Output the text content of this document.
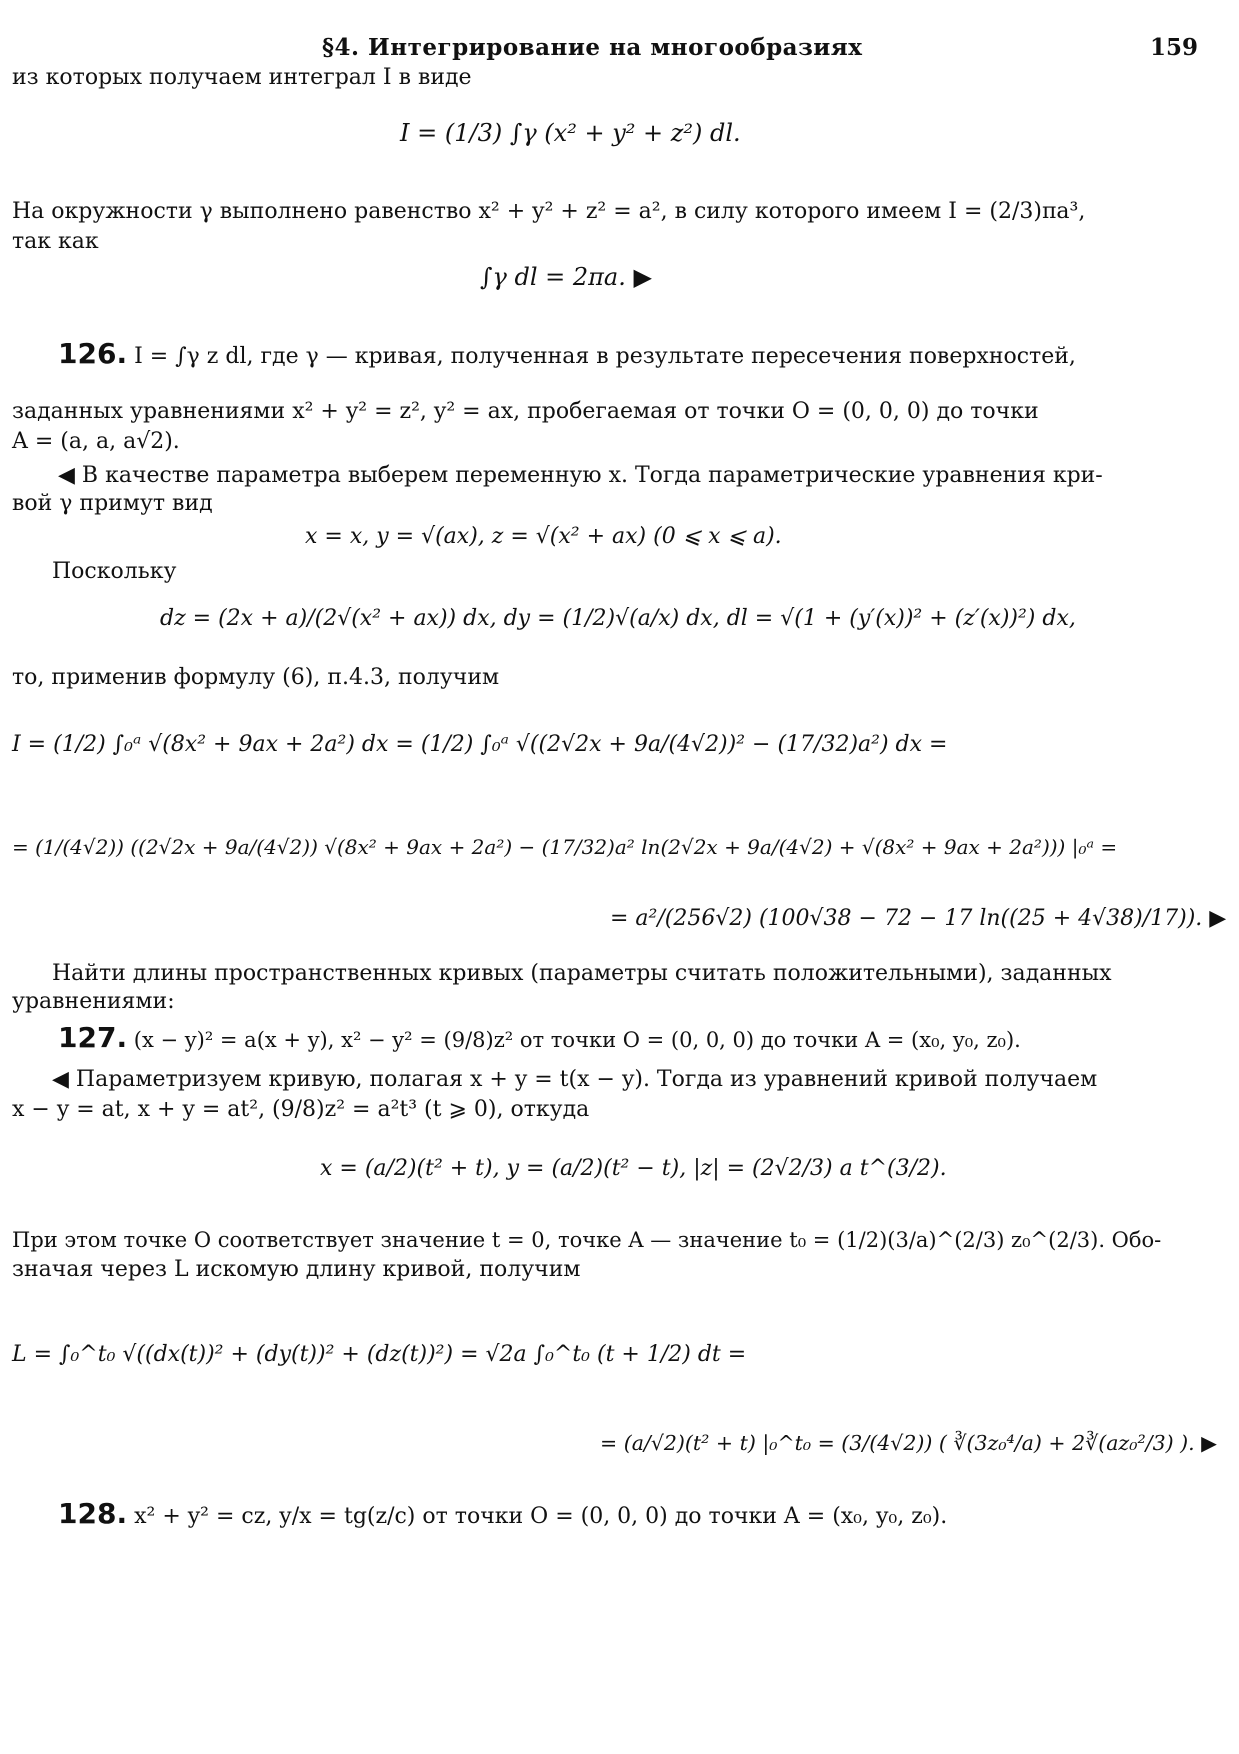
§4. Интегрирование на многообразиях	159
из которых получаем интеграл I в виде
I = (1/3) ∫γ (x² + y² + z²) dl.
На окружности γ выполнено равенство x² + y² + z² = a², в силу которого имеем I = (2/3)πa³,
так как
∫γ dl = 2πa. ▶
126. I = ∫γ z dl, где γ — кривая, полученная в результате пересечения поверхностей,
заданных уравнениями x² + y² = z², y² = ax, пробегаемая от точки O = (0, 0, 0) до точки
A = (a, a, a√2).
◀ В качестве параметра выберем переменную x. Тогда параметрические уравнения кри-
вой γ примут вид
x = x, y = √(ax), z = √(x² + ax) (0 ⩽ x ⩽ a).
Поскольку
dz = (2x + a)/(2√(x² + ax)) dx, dy = (1/2)√(a/x) dx, dl = √(1 + (y′(x))² + (z′(x))²) dx,
то, применив формулу (6), п.4.3, получим
I = (1/2) ∫₀ᵃ √(8x² + 9ax + 2a²) dx = (1/2) ∫₀ᵃ √((2√2x + 9a/(4√2))² − (17/32)a²) dx =
= (1/(4√2)) ((2√2x + 9a/(4√2)) √(8x² + 9ax + 2a²) − (17/32)a² ln(2√2x + 9a/(4√2) + √(8x² + 9ax + 2a²))) |₀ᵃ =
= a²/(256√2) (100√38 − 72 − 17 ln((25 + 4√38)/17)). ▶
Найти длины пространственных кривых (параметры считать положительными), заданных
уравнениями:
127. (x − y)² = a(x + y), x² − y² = (9/8)z² от точки O = (0, 0, 0) до точки A = (x₀, y₀, z₀).
◀ Параметризуем кривую, полагая x + y = t(x − y). Тогда из уравнений кривой получаем
x − y = at, x + y = at², (9/8)z² = a²t³ (t ⩾ 0), откуда
x = (a/2)(t² + t), y = (a/2)(t² − t), |z| = (2√2/3) a t^(3/2).
При этом точке O соответствует значение t = 0, точке A — значение t₀ = (1/2)(3/a)^(2/3) z₀^(2/3). Обо-
значая через L искомую длину кривой, получим
L = ∫₀^t₀ √((dx(t))² + (dy(t))² + (dz(t))²) = √2a ∫₀^t₀ (t + 1/2) dt =
= (a/√2)(t² + t) |₀^t₀ = (3/(4√2)) ( ∛(3z₀⁴/a) + 2∛(az₀²/3) ). ▶
128. x² + y² = cz, y/x = tg(z/c) от точки O = (0, 0, 0) до точки A = (x₀, y₀, z₀).
